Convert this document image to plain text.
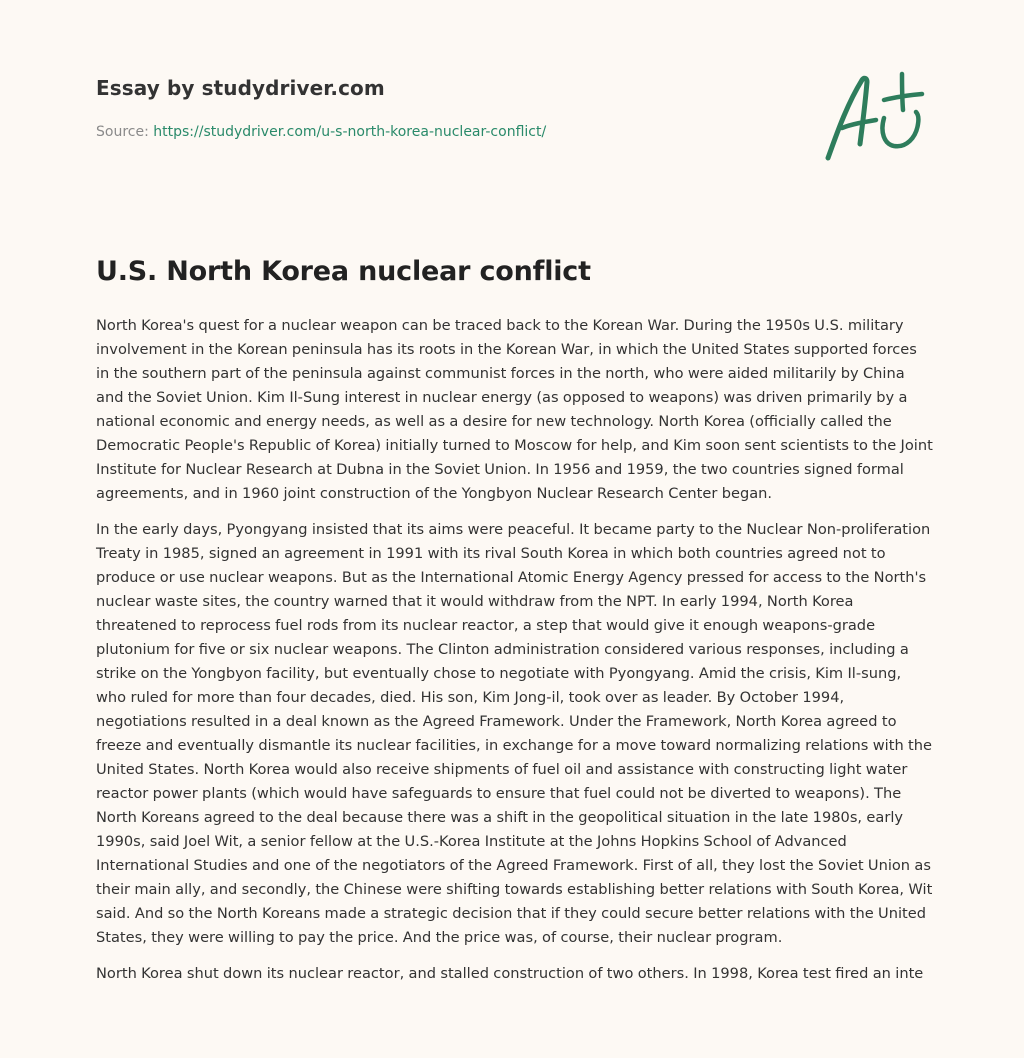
Essay by studydriver.com
Source: https://studydriver.com/u-s-north-korea-nuclear-conflict/
U.S. North Korea nuclear conflict

North Korea's quest for a nuclear weapon can be traced back to the Korean War. During the 1950s U.S. military involvement in the Korean peninsula has its roots in the Korean War, in which the United States supported forces in the southern part of the peninsula against communist forces in the north, who were aided militarily by China and the Soviet Union. Kim Il-Sung interest in nuclear energy (as opposed to weapons) was driven primarily by a national economic and energy needs, as well as a desire for new technology. North Korea (officially called the Democratic People's Republic of Korea) initially turned to Moscow for help, and Kim soon sent scientists to the Joint Institute for Nuclear Research at Dubna in the Soviet Union. In 1956 and 1959, the two countries signed formal agreements, and in 1960 joint construction of the Yongbyon Nuclear Research Center began.

In the early days, Pyongyang insisted that its aims were peaceful. It became party to the Nuclear Non-proliferation Treaty in 1985, signed an agreement in 1991 with its rival South Korea in which both countries agreed not to produce or use nuclear weapons. But as the International Atomic Energy Agency pressed for access to the North's nuclear waste sites, the country warned that it would withdraw from the NPT. In early 1994, North Korea threatened to reprocess fuel rods from its nuclear reactor, a step that would give it enough weapons-grade plutonium for five or six nuclear weapons. The Clinton administration considered various responses, including a strike on the Yongbyon facility, but eventually chose to negotiate with Pyongyang. Amid the crisis, Kim Il-sung, who ruled for more than four decades, died. His son, Kim Jong-il, took over as leader. By October 1994, negotiations resulted in a deal known as the Agreed Framework. Under the Framework, North Korea agreed to freeze and eventually dismantle its nuclear facilities, in exchange for a move toward normalizing relations with the United States. North Korea would also receive shipments of fuel oil and assistance with constructing light water reactor power plants (which would have safeguards to ensure that fuel could not be diverted to weapons). The North Koreans agreed to the deal because there was a shift in the geopolitical situation in the late 1980s, early 1990s, said Joel Wit, a senior fellow at the U.S.-Korea Institute at the Johns Hopkins School of Advanced International Studies and one of the negotiators of the Agreed Framework. First of all, they lost the Soviet Union as their main ally, and secondly, the Chinese were shifting towards establishing better relations with South Korea, Wit said. And so the North Koreans made a strategic decision that if they could secure better relations with the United States, they were willing to pay the price. And the price was, of course, their nuclear program.

North Korea shut down its nuclear reactor, and stalled construction of two others. In 1998, Korea test fired an inte
